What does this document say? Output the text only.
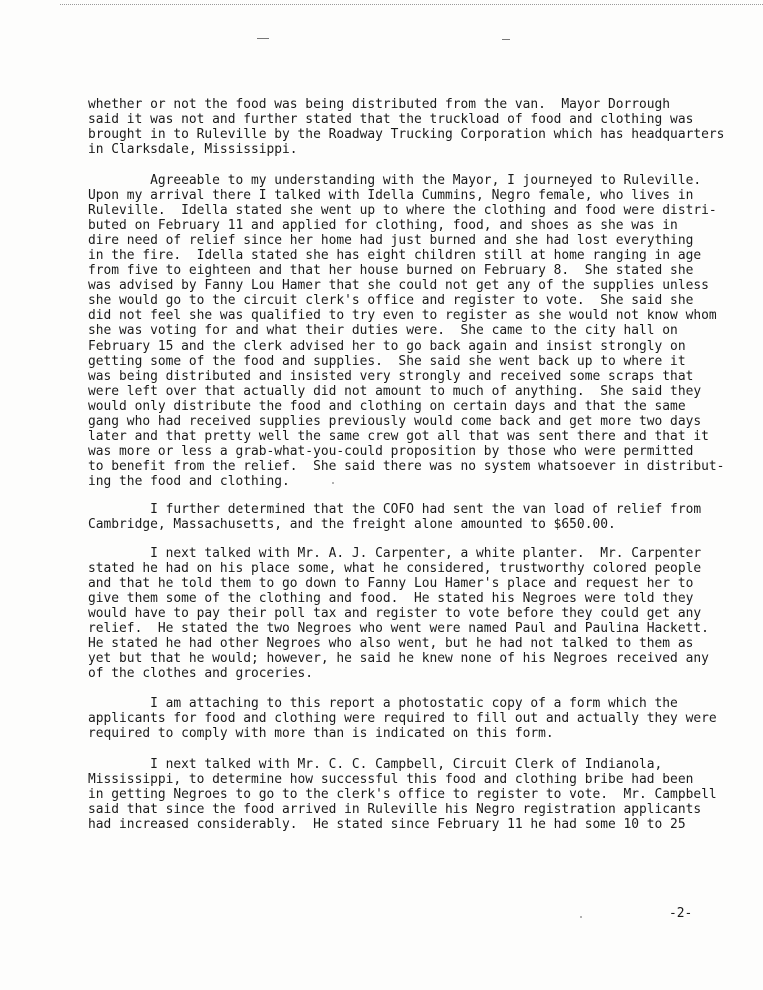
whether or not the food was being distributed from the van.  Mayor Dorrough
said it was not and further stated that the truckload of food and clothing was
brought in to Ruleville by the Roadway Trucking Corporation which has headquarters
in Clarksdale, Mississippi.

Agreeable to my understanding with the Mayor, I journeyed to Ruleville.
Upon my arrival there I talked with Idella Cummins, Negro female, who lives in
Ruleville.  Idella stated she went up to where the clothing and food were distri-
buted on February 11 and applied for clothing, food, and shoes as she was in
dire need of relief since her home had just burned and she had lost everything
in the fire.  Idella stated she has eight children still at home ranging in age
from five to eighteen and that her house burned on February 8.  She stated she
was advised by Fanny Lou Hamer that she could not get any of the supplies unless
she would go to the circuit clerk's office and register to vote.  She said she
did not feel she was qualified to try even to register as she would not know whom
she was voting for and what their duties were.  She came to the city hall on
February 15 and the clerk advised her to go back again and insist strongly on
getting some of the food and supplies.  She said she went back up to where it
was being distributed and insisted very strongly and received some scraps that
were left over that actually did not amount to much of anything.  She said they
would only distribute the food and clothing on certain days and that the same
gang who had received supplies previously would come back and get more two days
later and that pretty well the same crew got all that was sent there and that it
was more or less a grab-what-you-could proposition by those who were permitted
to benefit from the relief.  She said there was no system whatsoever in distribut-
ing the food and clothing.

I further determined that the COFO had sent the van load of relief from
Cambridge, Massachusetts, and the freight alone amounted to $650.00.

I next talked with Mr. A. J. Carpenter, a white planter.  Mr. Carpenter
stated he had on his place some, what he considered, trustworthy colored people
and that he told them to go down to Fanny Lou Hamer's place and request her to
give them some of the clothing and food.  He stated his Negroes were told they
would have to pay their poll tax and register to vote before they could get any
relief.  He stated the two Negroes who went were named Paul and Paulina Hackett.
He stated he had other Negroes who also went, but he had not talked to them as
yet but that he would; however, he said he knew none of his Negroes received any
of the clothes and groceries.

I am attaching to this report a photostatic copy of a form which the
applicants for food and clothing were required to fill out and actually they were
required to comply with more than is indicated on this form.

I next talked with Mr. C. C. Campbell, Circuit Clerk of Indianola,
Mississippi, to determine how successful this food and clothing bribe had been
in getting Negroes to go to the clerk's office to register to vote.  Mr. Campbell
said that since the food arrived in Ruleville his Negro registration applicants
had increased considerably.  He stated since February 11 he had some 10 to 25

-2-
